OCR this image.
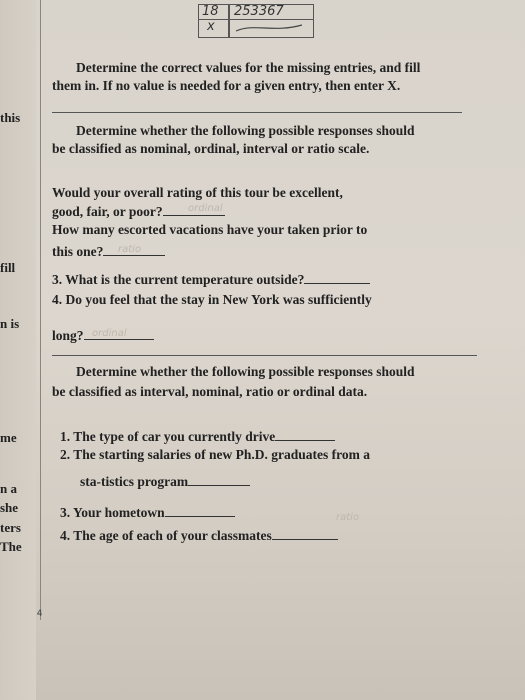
this
fill
n is
me
n a
she
ters
The
18 253367
x
Determine the correct values for the missing entries, and fill
them in. If no value is needed for a given entry, then enter X.
Determine whether the following possible responses should
be classified as nominal, ordinal, interval or ratio scale.
Would your overall rating of this tour be excellent,
good, fair, or poor?	ordinal
How many escorted vacations have your taken prior to
this one?	ratio
3. What is the current temperature outside?
4. Do you feel that the stay in New York was sufficiently
long? ordinal
Determine whether the following possible responses should
be classified as interval, nominal, ratio or ordinal data.
1. The type of car you currently drive
2. The starting salaries of new Ph.D. graduates from a
sta-tistics program
3. Your hometown
4. The age of each of your classmates
ratio
4
